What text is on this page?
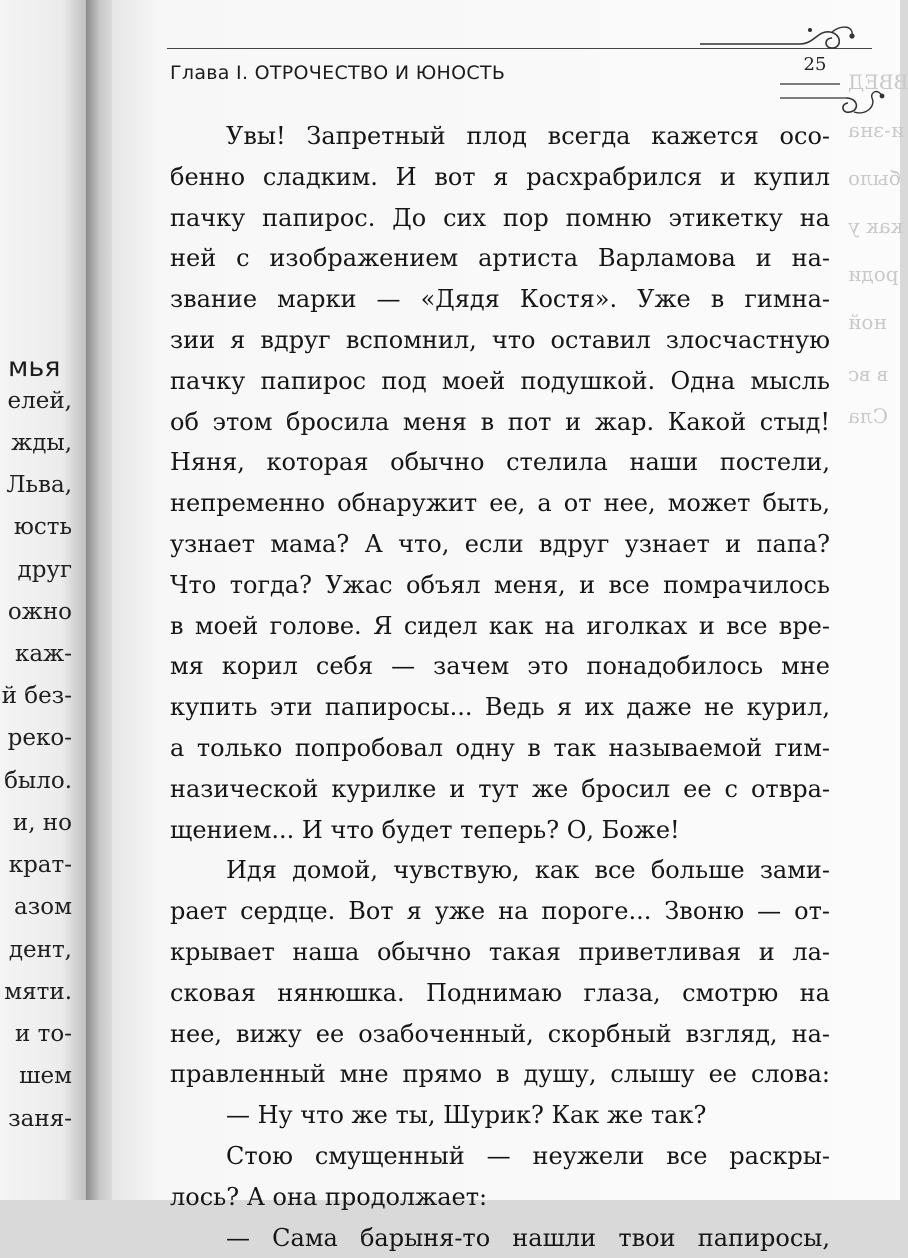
мья
елей,
жды,
Льва,
юсть
друг
ожно
каж-
й без-
реко-
было.
и, но
крат-
азом
дент,
мяти.
и то-
шем
заня-
ВВЕД
и-зна
было
как у
роди
ной
в вс
Сла
Глава I. ОТРОЧЕСТВО И ЮНОСТЬ	25
Увы! Запретный плод всегда кажется осо-
бенно сладким. И вот я расхрабрился и купил
пачку папирос. До сих пор помню этикетку на
ней с изображением артиста Варламова и на-
звание марки — «Дядя Костя». Уже в гимна-
зии я вдруг вспомнил, что оставил злосчастную
пачку папирос под моей подушкой. Одна мысль
об этом бросила меня в пот и жар. Какой стыд!
Няня, которая обычно стелила наши постели,
непременно обнаружит ее, а от нее, может быть,
узнает мама? А что, если вдруг узнает и папа?
Что тогда? Ужас объял меня, и все помрачилось
в моей голове. Я сидел как на иголках и все вре-
мя корил себя — зачем это понадобилось мне
купить эти папиросы... Ведь я их даже не курил,
а только попробовал одну в так называемой гим-
назической курилке и тут же бросил ее с отвра-
щением... И что будет теперь? О, Боже!
Идя домой, чувствую, как все больше зами-
рает сердце. Вот я уже на пороге... Звоню — от-
крывает наша обычно такая приветливая и ла-
сковая нянюшка. Поднимаю глаза, смотрю на
нее, вижу ее озабоченный, скорбный взгляд, на-
правленный мне прямо в душу, слышу ее слова:
— Ну что же ты, Шурик? Как же так?
Стою смущенный — неужели все раскры-
лось? А она продолжает:
— Сама барыня-то нашли твои папиросы,
